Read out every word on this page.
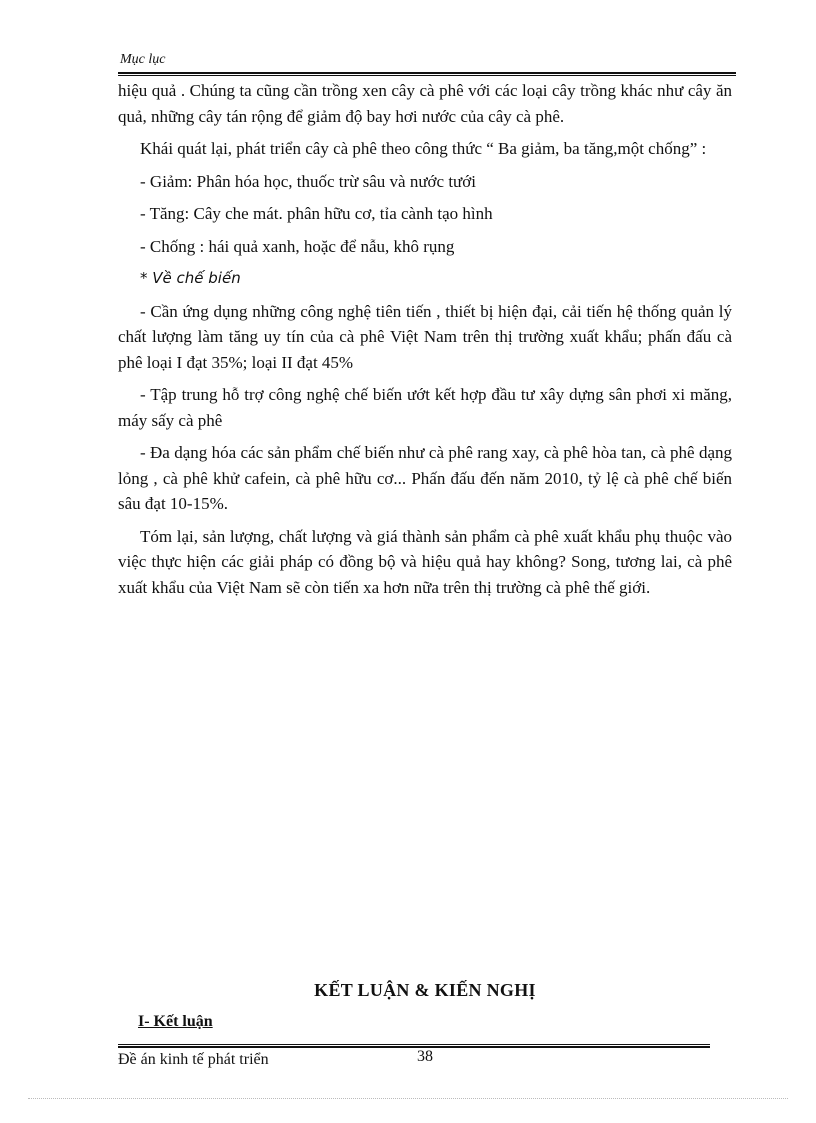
Mục lục

hiệu quả . Chúng ta cũng cần trồng xen cây cà phê với các loại cây trồng khác như cây ăn quả, những cây tán rộng để giảm độ bay hơi nước của cây cà phê.

Khái quát lại, phát triển cây cà phê theo công thức “ Ba giảm, ba tăng,một chống” :

- Giảm: Phân hóa học, thuốc trừ sâu và nước tưới

- Tăng: Cây che mát. phân hữu cơ, tỉa cành tạo hình

- Chống : hái quả xanh, hoặc để nẫu, khô rụng

* Về chế biến

- Cần ứng dụng những công nghệ tiên tiến , thiết bị hiện đại, cải tiến hệ thống quản lý chất lượng làm tăng uy tín của cà phê Việt Nam trên thị trường xuất khẩu; phấn đấu cà phê loại I đạt 35%; loại II đạt 45%

- Tập trung hỗ trợ công nghệ chế biến ướt kết hợp đầu tư xây dựng sân phơi xi măng, máy sấy cà phê

- Đa dạng hóa các sản phẩm chế biến như cà phê rang xay, cà phê hòa tan, cà phê dạng lỏng , cà phê khử cafein, cà phê hữu cơ... Phấn đấu đến năm 2010, tỷ lệ cà phê chế biến sâu đạt 10-15%.

Tóm lại, sản lượng, chất lượng và giá thành sản phẩm cà phê xuất khẩu phụ thuộc vào việc thực hiện các giải pháp có đồng bộ và hiệu quả hay không? Song, tương lai, cà phê xuất khẩu của Việt Nam sẽ còn tiến xa hơn nữa trên thị trường cà phê thế giới.

KẾT LUẬN & KIẾN NGHỊ
I- Kết luận
Đề án kinh tế phát triển	38
